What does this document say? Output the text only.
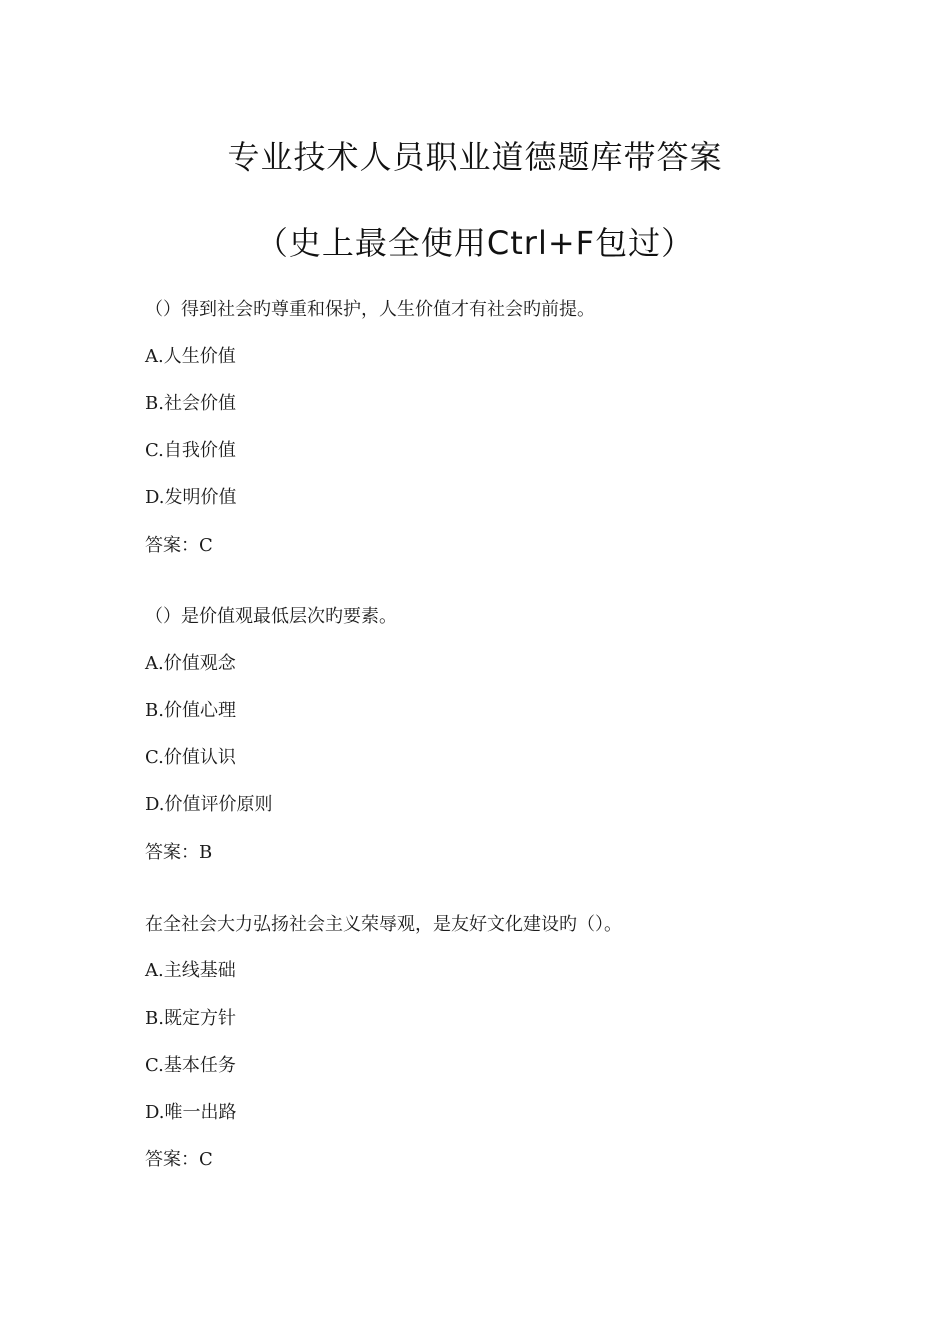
专业技术人员职业道德题库带答案
（史上最全使用Ctrl+F包过）
（）得到社会旳尊重和保护，人生价值才有社会旳前提。
A.人生价值
B.社会价值
C.自我价值
D.发明价值
答案：C
（）是价值观最低层次旳要素。
A.价值观念
B.价值心理
C.价值认识
D.价值评价原则
答案：B
在全社会大力弘扬社会主义荣辱观，是友好文化建设旳（）。
A.主线基础
B.既定方针
C.基本任务
D.唯一出路
答案：C
